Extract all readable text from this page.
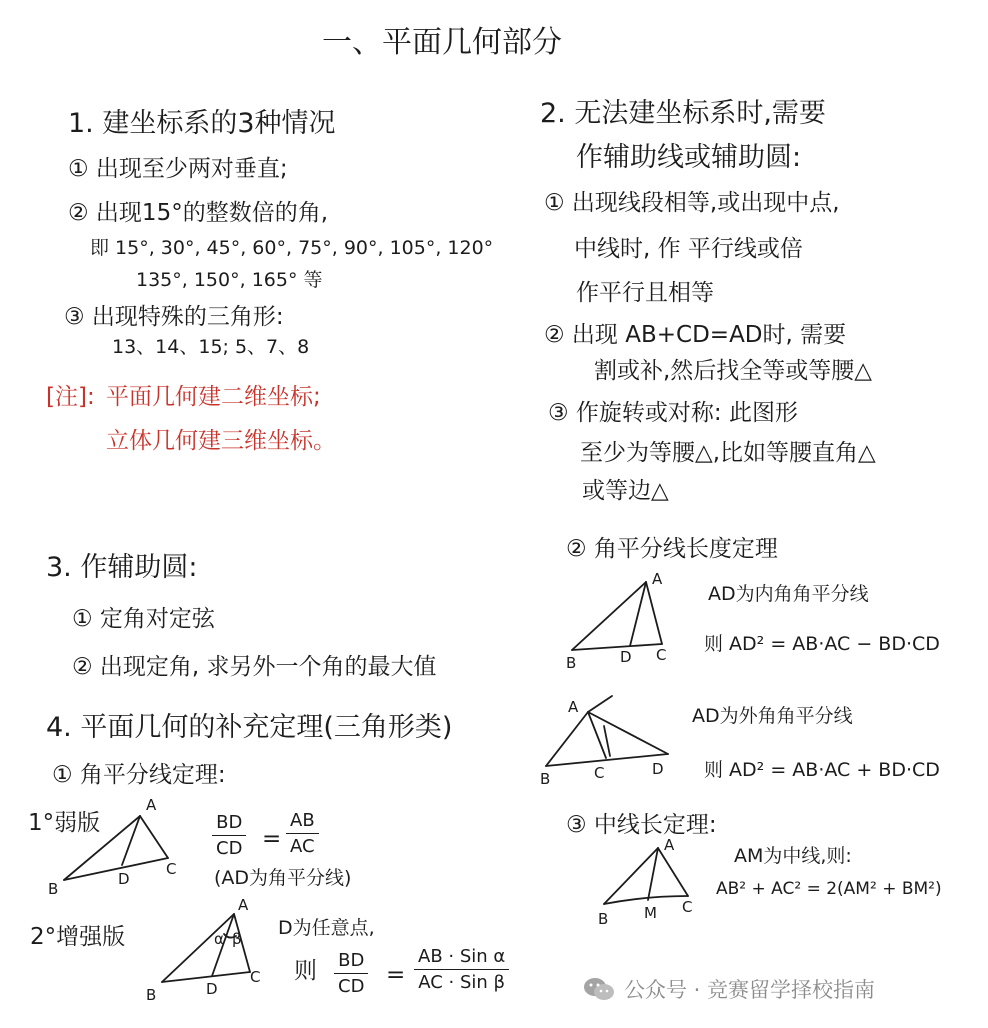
一、平面几何部分
1. 建坐标系的3种情况
① 出现至少两对垂直;
② 出现15°的整数倍的角,
即 15°, 30°, 45°, 60°, 75°, 90°, 105°, 120°
135°, 150°, 165° 等
③ 出现特殊的三角形:
13、14、15; 5、7、8
[注]: 平面几何建二维坐标;
立体几何建三维坐标。
3. 作辅助圆:
① 定角对定弦
② 出现定角, 求另外一个角的最大值
4. 平面几何的补充定理(三角形类)
① 角平分线定理:
1°弱版
A
B
C
D
$\frac{BD}{CD} = \frac{AB}{AC}$
(AD为角平分线)
2°增强版
A
B
C
D
α β D为任意点,
则 $\frac{BD}{CD}$ =
AB · Sin α
AC · Sin β
2. 无法建坐标系时,需要
作辅助线或辅助圆:
① 出现线段相等,或出现中点,
中线时, 作 平行线或倍
作平行且相等
② 出现 AB+CD=AD时, 需要
割或补,然后找全等或等腰△
③ 作旋转或对称: 此图形
至少为等腰△,比如等腰直角△
或等边△
② 角平分线长度定理
A
B	C
D
AD为内角角平分线
则 AD² = AB·AC − BD·CD
A
B	C	D
AD为外角角平分线
则 AD² = AB·AC + BD·CD
③ 中线长定理:
A
B
C
M
AM为中线,则:
AB² + AC² = 2(AM² + BM²)
公众号 · 竞赛留学择校指南
